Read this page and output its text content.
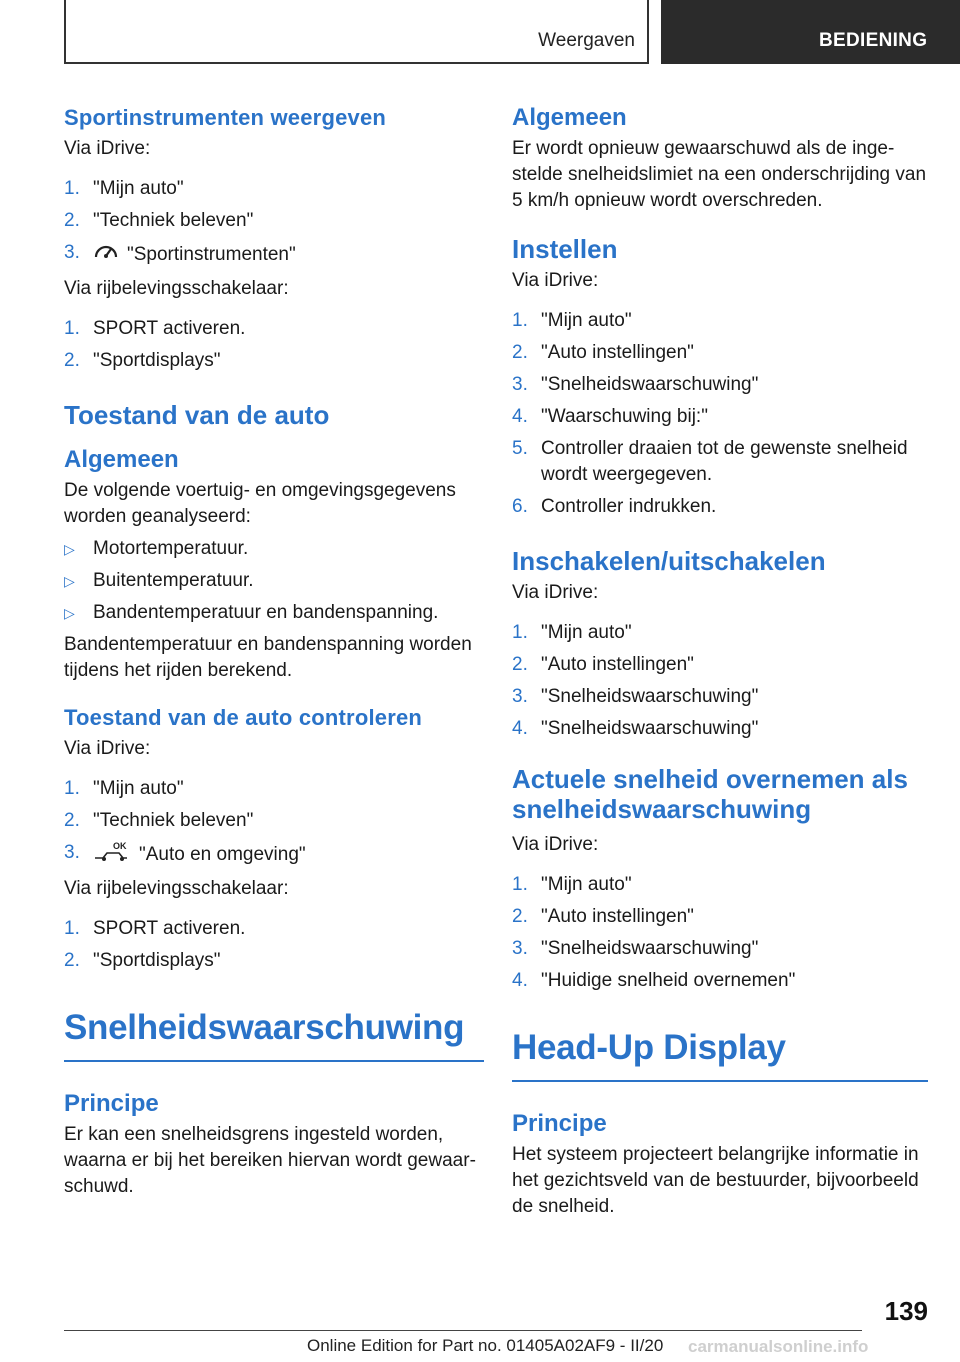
Weergaven	BEDIENING
Sportinstrumenten weergeven

Via iDrive:

1. "Mijn auto"
2. "Techniek beleven"
3. "Sportinstrumenten"

Via rijbelevingsschakelaar:

1. SPORT activeren.
2. "Sportdisplays"
Toestand van de auto
Algemeen

De volgende voertuig- en omgevingsgegevens worden geanalyseerd:

▷ Motortemperatuur.
▷ Buitentemperatuur.
▷ Bandentemperatuur en bandenspanning.

Bandentemperatuur en bandenspanning worden tijdens het rijden berekend.

Toestand van de auto controleren

Via iDrive:

1. "Mijn auto"
2. "Techniek beleven"
3.	OK "Auto en omgeving"

Via rijbelevingsschakelaar:

1. SPORT activeren.
2. "Sportdisplays"
Snelheidswaarschuwing
Principe

Er kan een snelheidsgrens ingesteld worden, waarna er bij het bereiken hiervan wordt gewaarschuwd.

Algemeen

Er wordt opnieuw gewaarschuwd als de ingestelde snelheidslimiet na een onderschrijding van 5 km/h opnieuw wordt overschreden.

Instellen

Via iDrive:

1. "Mijn auto"
2. "Auto instellingen"
3. "Snelheidswaarschuwing"
4. "Waarschuwing bij:"
5. Controller draaien tot de gewenste snelheid wordt weergegeven.
6. Controller indrukken.
Inschakelen/uitschakelen

Via iDrive:

1. "Mijn auto"
2. "Auto instellingen"
3. "Snelheidswaarschuwing"
4. "Snelheidswaarschuwing"
Actuele snelheid overnemen als snelheidswaarschuwing

Via iDrive:

1. "Mijn auto"
2. "Auto instellingen"
3. "Snelheidswaarschuwing"
4. "Huidige snelheid overnemen"
Head-Up Display
Principe

Het systeem projecteert belangrijke informatie in het gezichtsveld van de bestuurder, bijvoorbeeld de snelheid.

139
Online Edition for Part no. 01405A02AF9 - II/20 carmanualsonline.info
